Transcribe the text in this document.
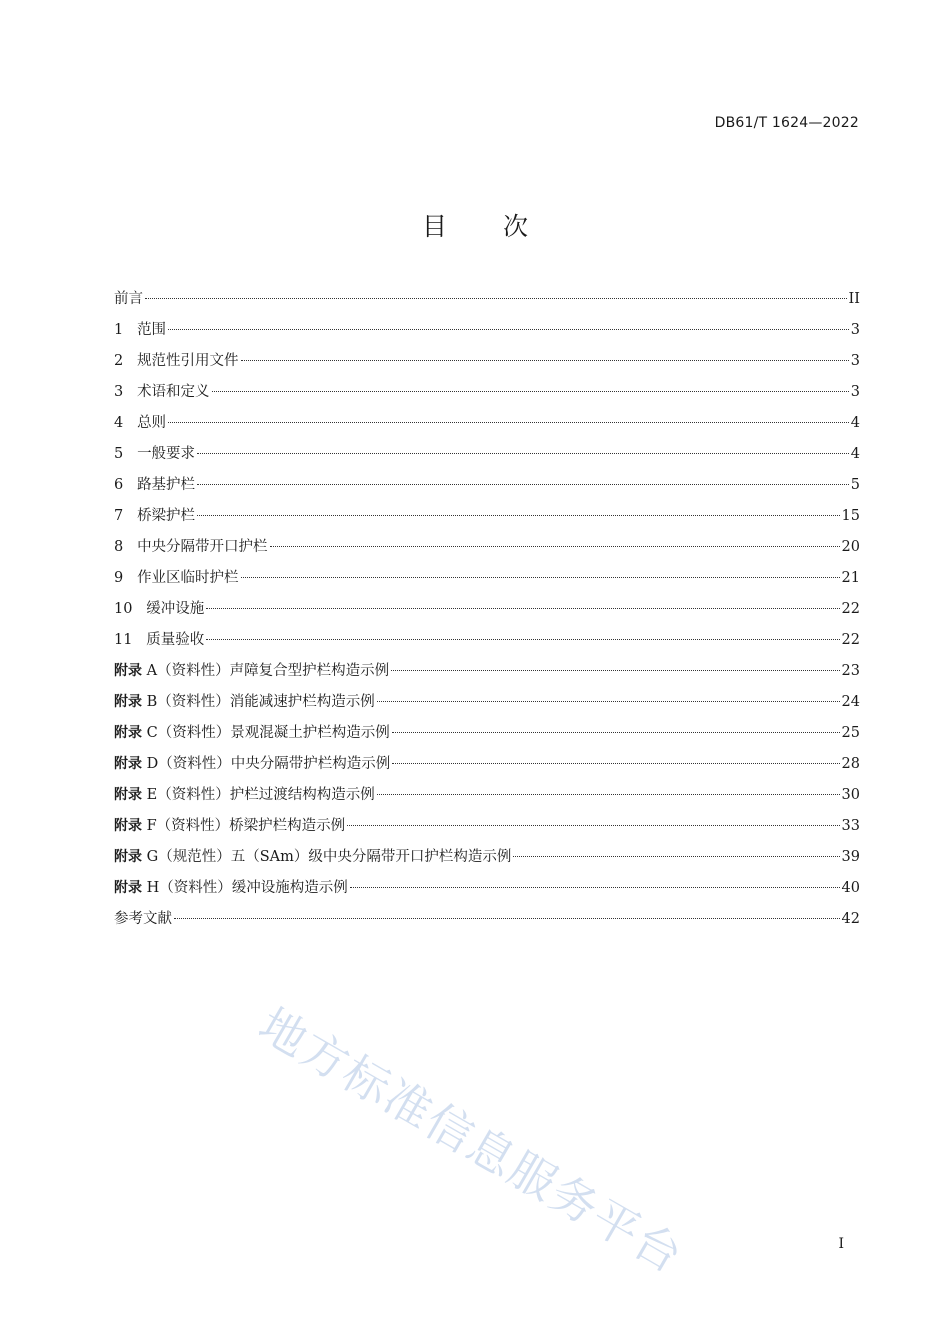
DB61/T 1624—2022
目 次
前言	II
1 范围	3
2 规范性引用文件	3
3 术语和定义	3
4 总则	4
5 一般要求	4
6 路基护栏	5
7 桥梁护栏	15
8 中央分隔带开口护栏	20
9 作业区临时护栏	21
10 缓冲设施	22
11 质量验收	22
附录 A（资料性）声障复合型护栏构造示例	23
附录 B（资料性）消能减速护栏构造示例	24
附录 C（资料性）景观混凝土护栏构造示例	25
附录 D（资料性）中央分隔带护栏构造示例	28
附录 E（资料性）护栏过渡结构构造示例	30
附录 F（资料性）桥梁护栏构造示例	33
附录 G（规范性）五（SAm）级中央分隔带开口护栏构造示例	39
附录 H（资料性）缓冲设施构造示例	40
参考文献	42
I
地方标准信息服务平台
